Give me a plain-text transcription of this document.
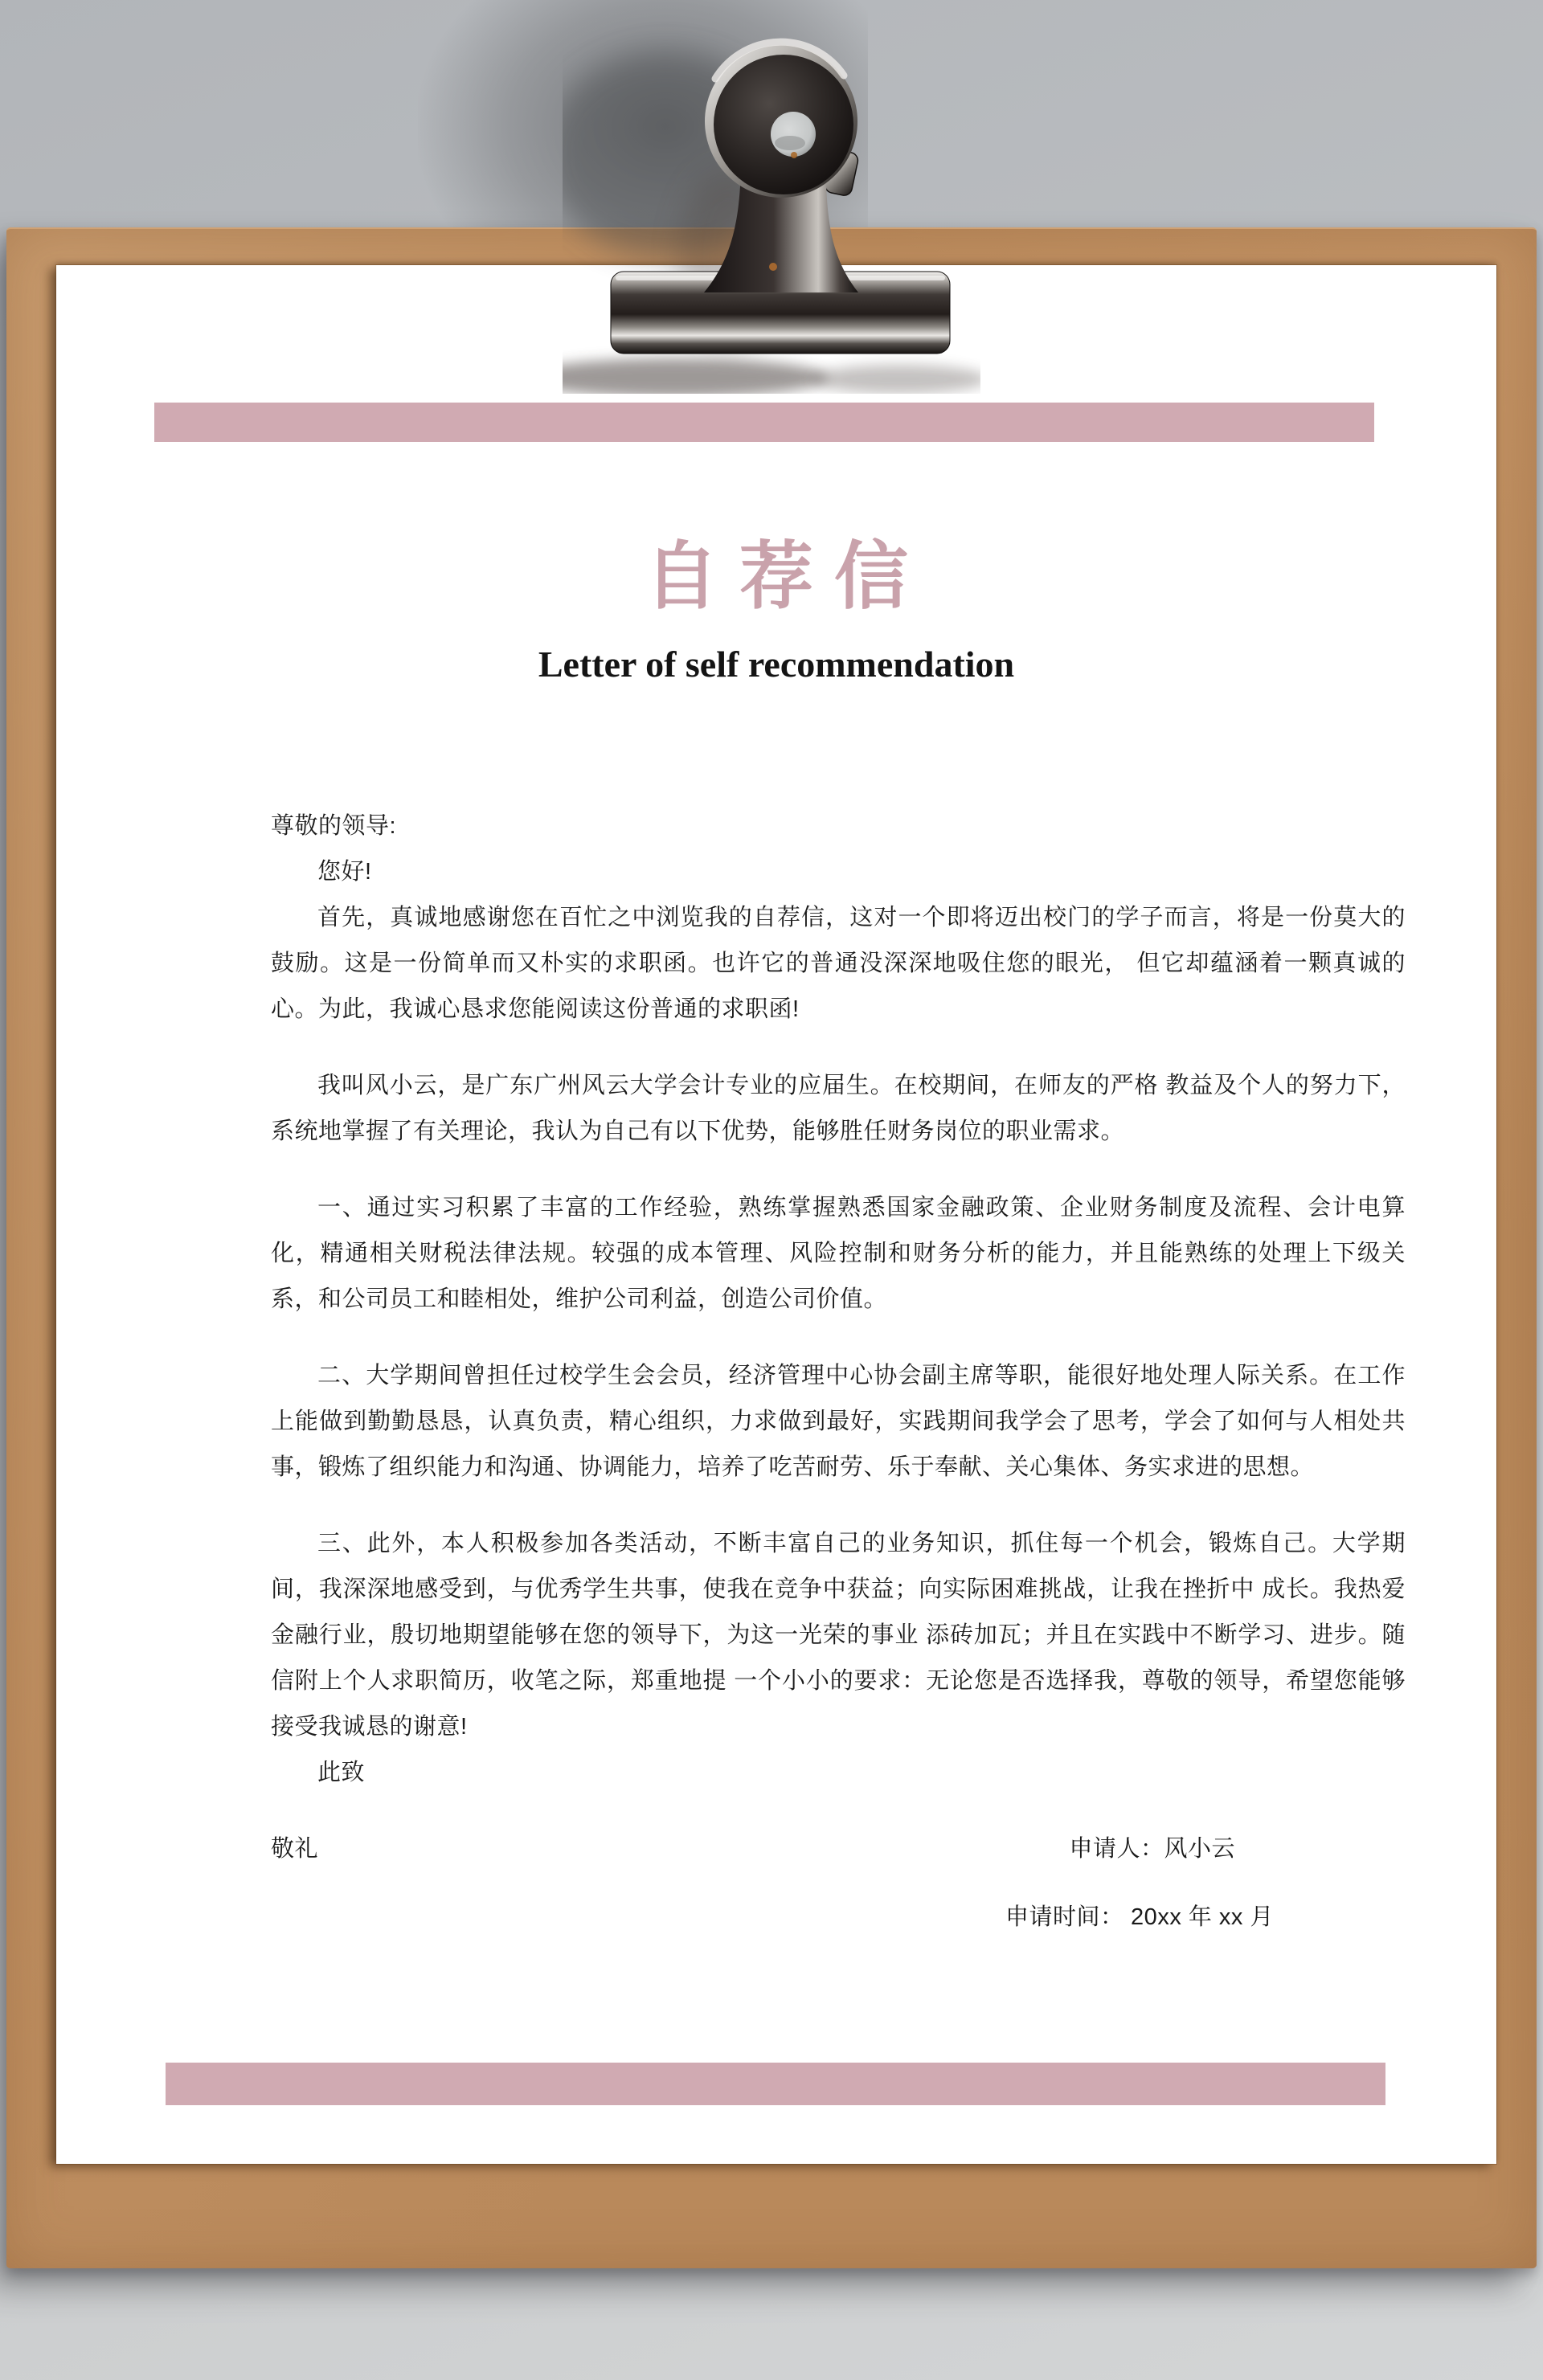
自荐信
Letter of self recommendation

尊敬的领导:

您好!

首先，真诚地感谢您在百忙之中浏览我的自荐信，这对一个即将迈出校门的学子而言，将是一份莫大的鼓励。这是一份简单而又朴实的求职函。也许它的普通没深深地吸住您的眼光， 但它却蕴涵着一颗真诚的心。为此，我诚心恳求您能阅读这份普通的求职函!

我叫风小云，是广东广州风云大学会计专业的应届生。在校期间，在师友的严格 教益及个人的努力下，系统地掌握了有关理论，我认为自己有以下优势，能够胜任财务岗位的职业需求。

一、通过实习积累了丰富的工作经验，熟练掌握熟悉国家金融政策、企业财务制度及流程、会计电算化，精通相关财税法律法规。较强的成本管理、风险控制和财务分析的能力，并且能熟练的处理上下级关系，和公司员工和睦相处，维护公司利益，创造公司价值。

二、大学期间曾担任过校学生会会员，经济管理中心协会副主席等职，能很好地处理人际关系。在工作上能做到勤勤恳恳，认真负责，精心组织，力求做到最好，实践期间我学会了思考，学会了如何与人相处共事，锻炼了组织能力和沟通、协调能力，培养了吃苦耐劳、乐于奉献、关心集体、务实求进的思想。

三、此外，本人积极参加各类活动，不断丰富自己的业务知识，抓住每一个机会，锻炼自己。大学期间，我深深地感受到，与优秀学生共事，使我在竞争中获益；向实际困难挑战，让我在挫折中 成长。我热爱金融行业，殷切地期望能够在您的领导下，为这一光荣的事业 添砖加瓦；并且在实践中不断学习、进步。随信附上个人求职简历，收笔之际，郑重地提 一个小小的要求：无论您是否选择我，尊敬的领导，希望您能够接受我诚恳的谢意!

此致

敬礼	申请人：风小云
申请时间： 20xx 年 xx 月
